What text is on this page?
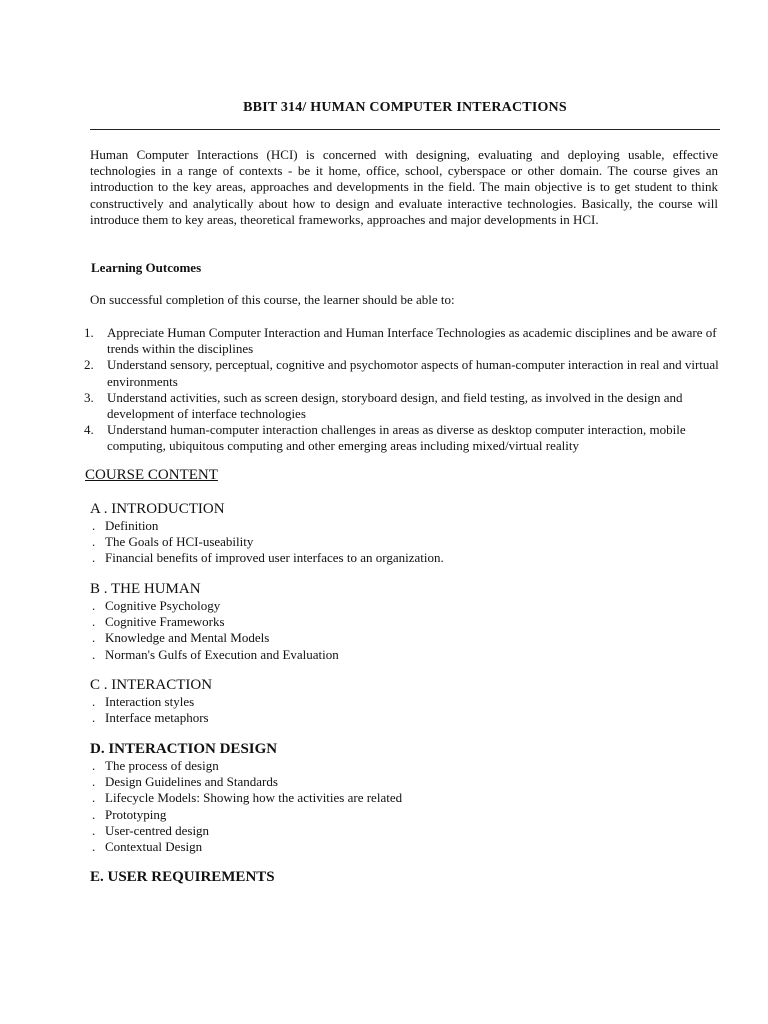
BBIT 314/ HUMAN COMPUTER INTERACTIONS

Human Computer Interactions (HCI) is concerned with designing, evaluating and deploying usable, effective technologies in a range of contexts - be it home, office, school, cyberspace or other domain. The course gives an introduction to the key areas, approaches and developments in the field. The main objective is to get student to think constructively and analytically about how to design and evaluate interactive technologies. Basically, the course will introduce them to key areas, theoretical frameworks, approaches and major developments in HCI.

Learning Outcomes

On successful completion of this course, the learner should be able to:

1. Appreciate Human Computer Interaction and Human Interface Technologies as academic disciplines and be aware of trends within the disciplines
2. Understand sensory, perceptual, cognitive and psychomotor aspects of human-computer interaction in real and virtual environments
3. Understand activities, such as screen design, storyboard design, and field testing, as involved in the design and development of interface technologies
4. Understand human-computer interaction challenges in areas as diverse as desktop computer interaction, mobile computing, ubiquitous computing and other emerging areas including mixed/virtual reality

COURSE CONTENT

A . INTRODUCTION
. Definition
. The Goals of HCI-useability
. Financial benefits of improved user interfaces to an organization.
B . THE HUMAN
. Cognitive Psychology
. Cognitive Frameworks
. Knowledge and Mental Models
. Norman's Gulfs of Execution and Evaluation
C . INTERACTION
. Interaction styles
. Interface metaphors
D. INTERACTION DESIGN
. The process of design
. Design Guidelines and Standards
. Lifecycle Models: Showing how the activities are related
. Prototyping
. User-centred design
. Contextual Design
E. USER REQUIREMENTS
